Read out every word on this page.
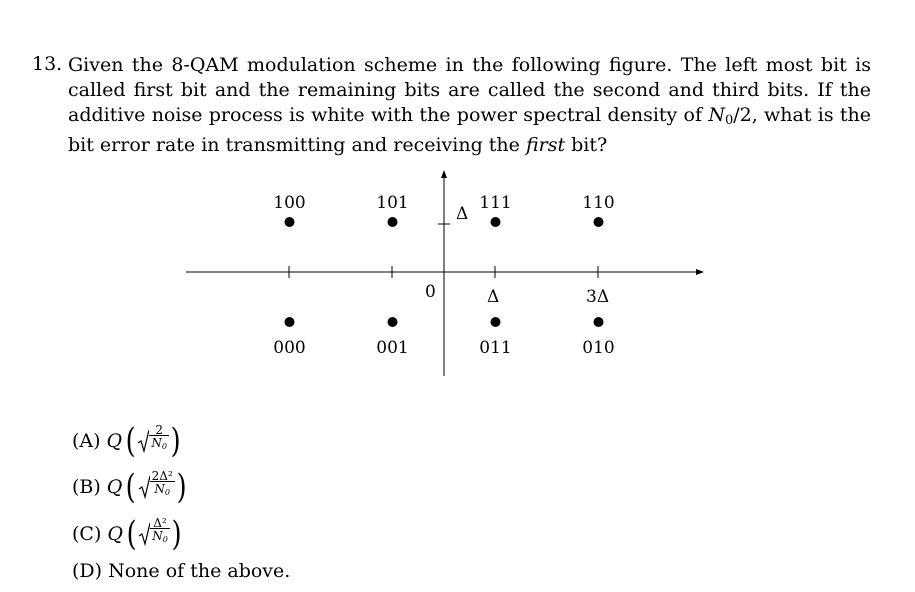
13. Given the 8-QAM modulation scheme in the following figure. The left most bit is called first bit and the remaining bits are called the second and third bits. If the additive noise process is white with the power spectral density of $N_0/2$, what is the bit error rate in transmitting and receiving the first bit?
100	101	111	110
000	001	011	010
0
Δ
Δ	3Δ
(A) Q ( 2
N0 )
(B) Q ( 2Δ²
N0 )
(C) Q ( Δ²
N0 )
(D) None of the above.
